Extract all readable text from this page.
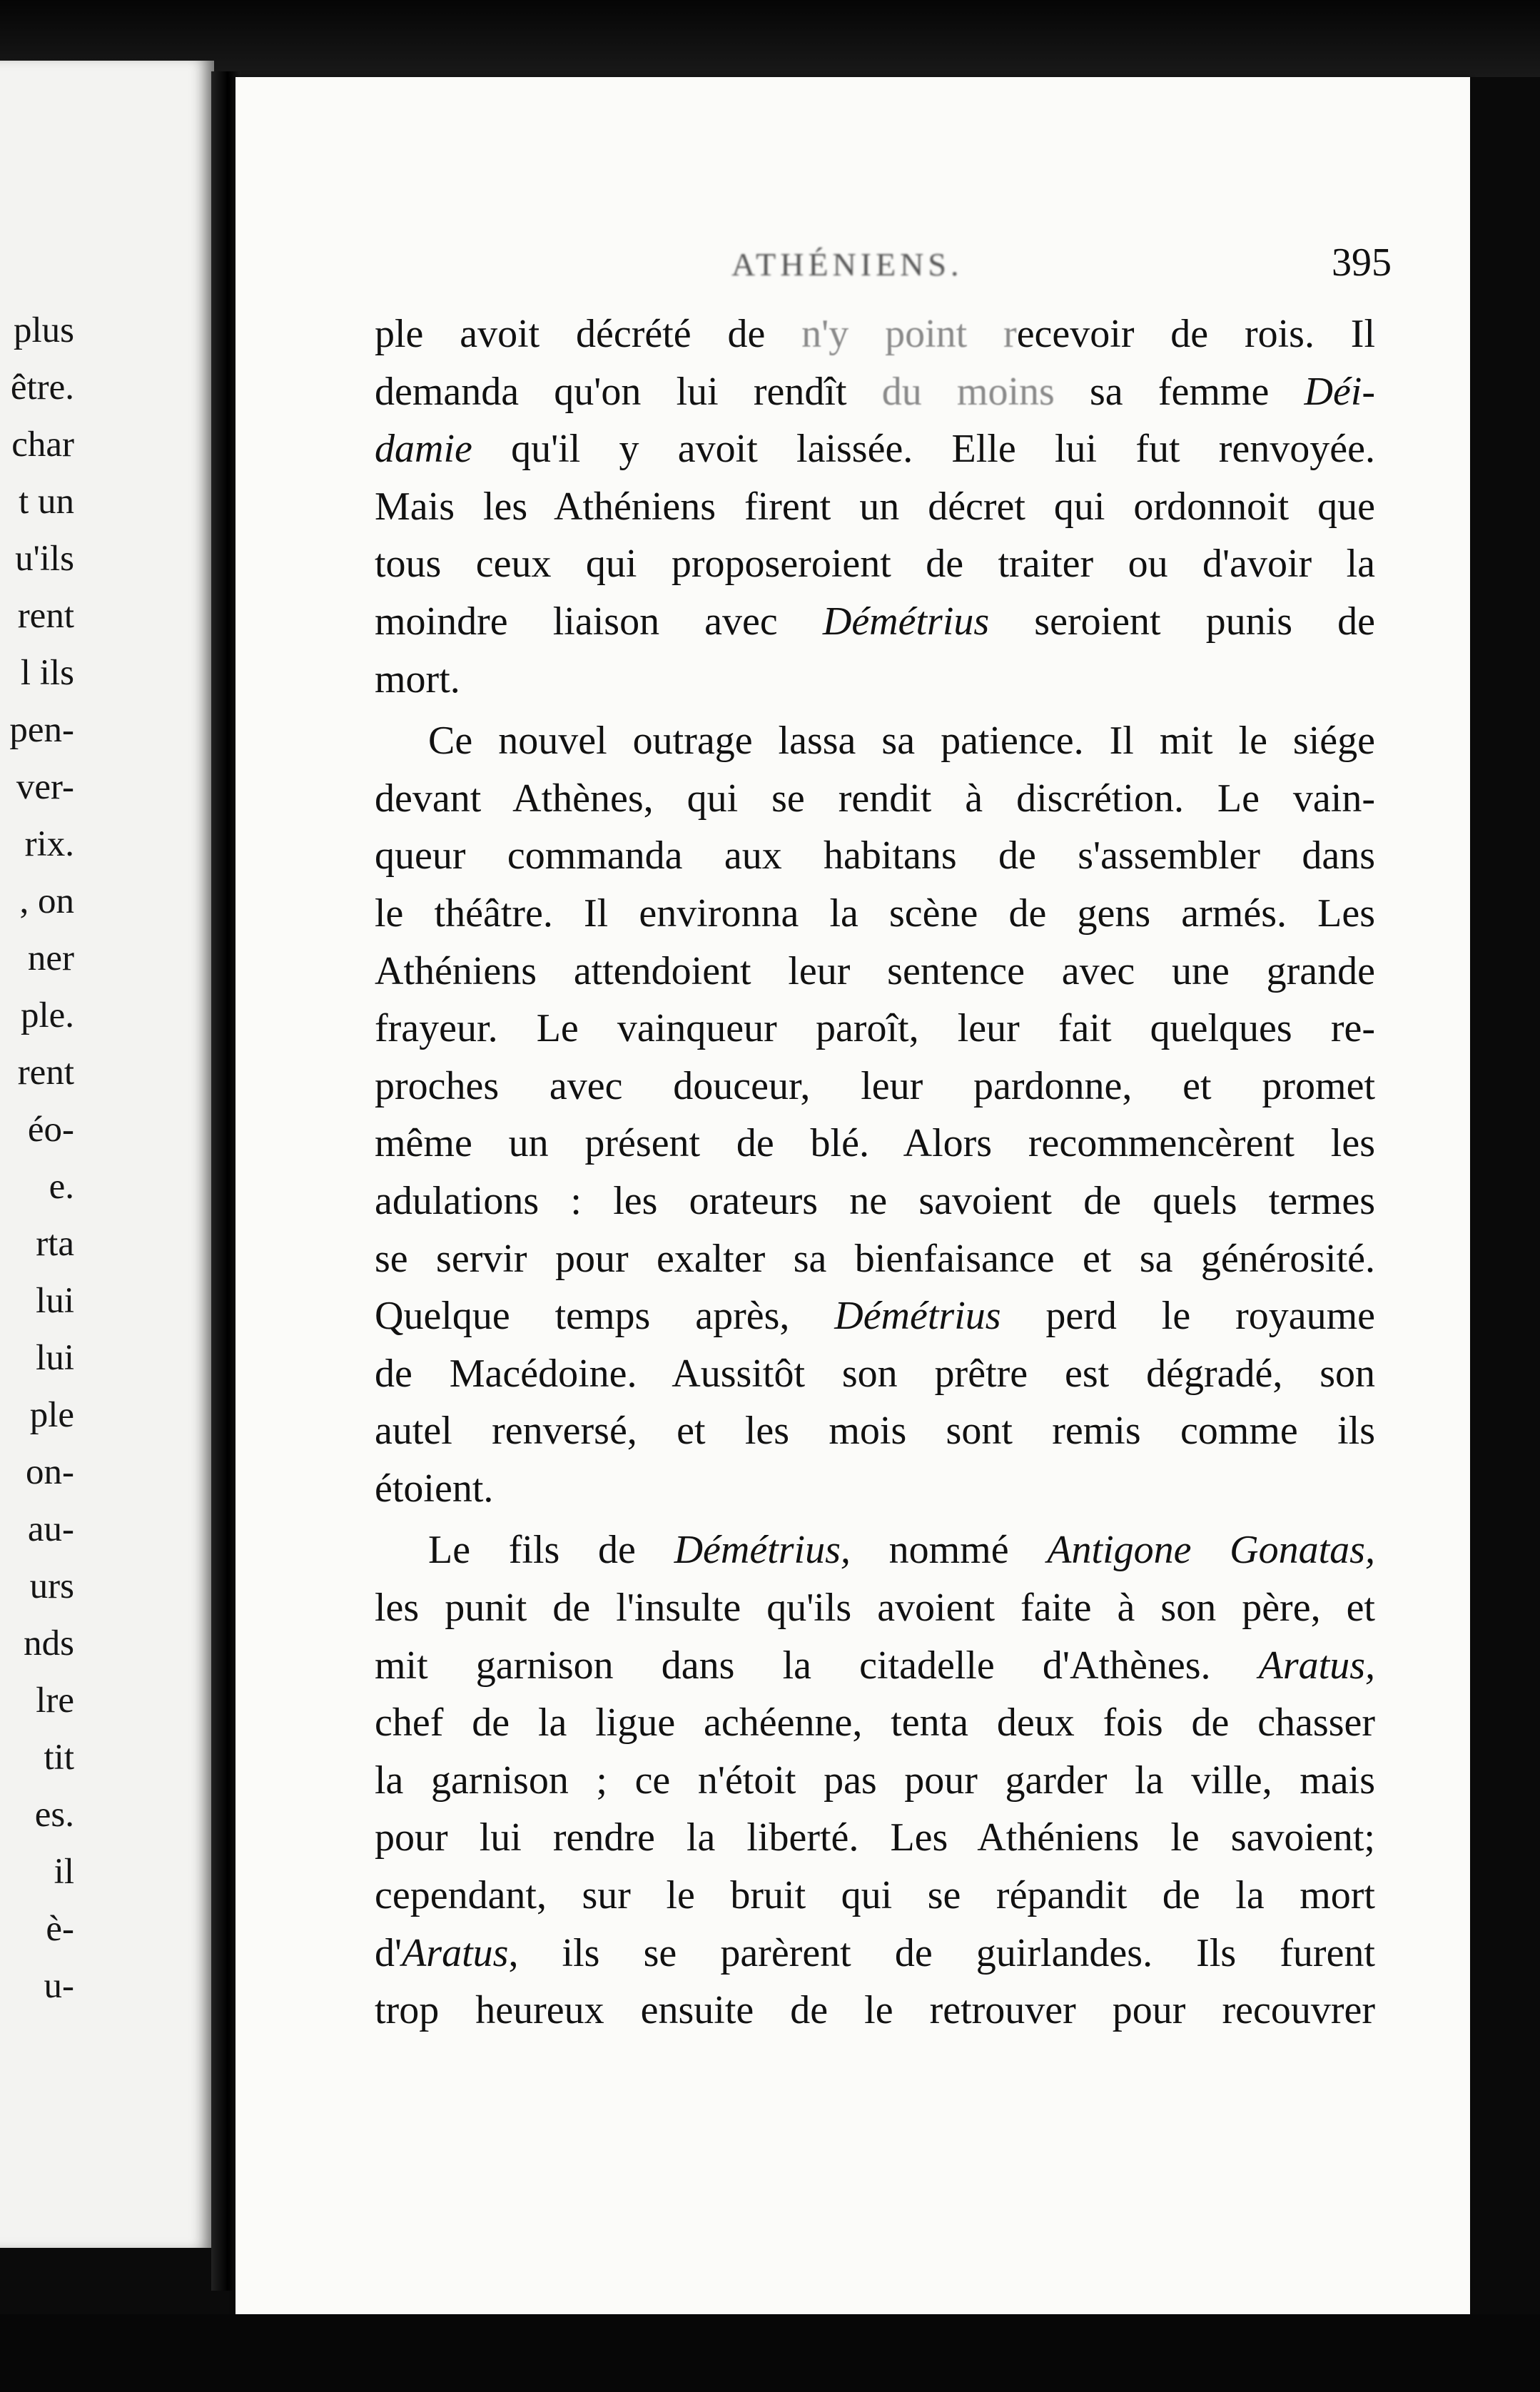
plus
être.
char
t un
u'ils
rent
l ils
pen-
ver-
rix.
, on
ner
ple.
rent
éo-
e.
rta
lui
lui
ple
on-
au-
urs
nds
lre
tit
es.
il
è-
u-
ATHÉNIENS.	395
ple avoit décrété de n'y point recevoir de rois. Il
demanda qu'on lui rendît du moins sa femme Déi-
damie qu'il y avoit laissée. Elle lui fut renvoyée.
Mais les Athéniens firent un décret qui ordonnoit que
tous ceux qui proposeroient de traiter ou d'avoir la
moindre liaison avec Démétrius seroient punis de
mort.
Ce nouvel outrage lassa sa patience. Il mit le siége
devant Athènes, qui se rendit à discrétion. Le vain-
queur commanda aux habitans de s'assembler dans
le théâtre. Il environna la scène de gens armés. Les
Athéniens attendoient leur sentence avec une grande
frayeur. Le vainqueur paroît, leur fait quelques re-
proches avec douceur, leur pardonne, et promet
même un présent de blé. Alors recommencèrent les
adulations : les orateurs ne savoient de quels termes
se servir pour exalter sa bienfaisance et sa générosité.
Quelque temps après, Démétrius perd le royaume
de Macédoine. Aussitôt son prêtre est dégradé, son
autel renversé, et les mois sont remis comme ils
étoient.
Le fils de Démétrius, nommé Antigone Gonatas,
les punit de l'insulte qu'ils avoient faite à son père, et
mit garnison dans la citadelle d'Athènes. Aratus,
chef de la ligue achéenne, tenta deux fois de chasser
la garnison ; ce n'étoit pas pour garder la ville, mais
pour lui rendre la liberté. Les Athéniens le savoient;
cependant, sur le bruit qui se répandit de la mort
d'Aratus, ils se parèrent de guirlandes. Ils furent
trop heureux ensuite de le retrouver pour recouvrer
